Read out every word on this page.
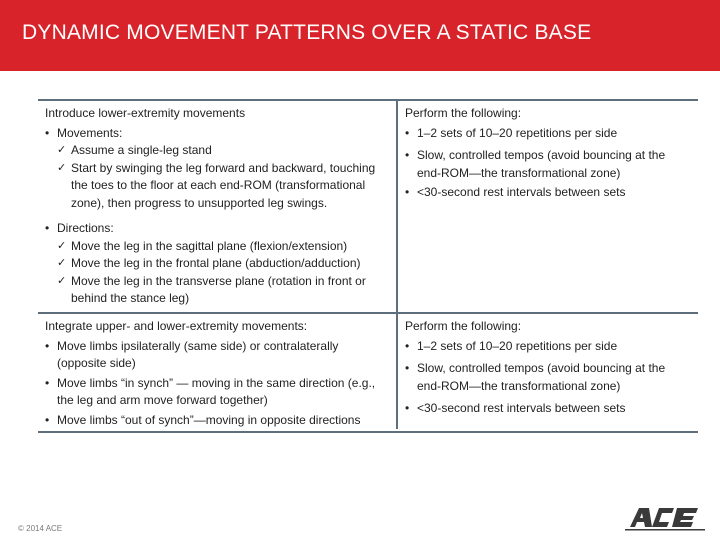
DYNAMIC MOVEMENT PATTERNS OVER A STATIC BASE
Introduce lower-extremity movements
• Movements:
✓ Assume a single-leg stand
✓ Start by swinging the leg forward and backward, touching the toes to the floor at each end-ROM (transformational zone), then progress to unsupported leg swings.
• Directions:
✓ Move the leg in the sagittal plane (flexion/extension)
✓ Move the leg in the frontal plane (abduction/adduction)
✓ Move the leg in the transverse plane (rotation in front or behind the stance leg)
Perform the following:
• 1–2 sets of 10–20 repetitions per side
• Slow, controlled tempos (avoid bouncing at the end-ROM—the transformational zone)
• <30-second rest intervals between sets
Integrate upper- and lower-extremity movements:
• Move limbs ipsilaterally (same side) or contralaterally (opposite side)
• Move limbs “in synch” — moving in the same direction (e.g., the leg and arm move forward together)
• Move limbs “out of synch”—moving in opposite directions
Perform the following:
• 1–2 sets of 10–20 repetitions per side
• Slow, controlled tempos (avoid bouncing at the end-ROM—the transformational zone)
• <30-second rest intervals between sets
© 2014 ACE
